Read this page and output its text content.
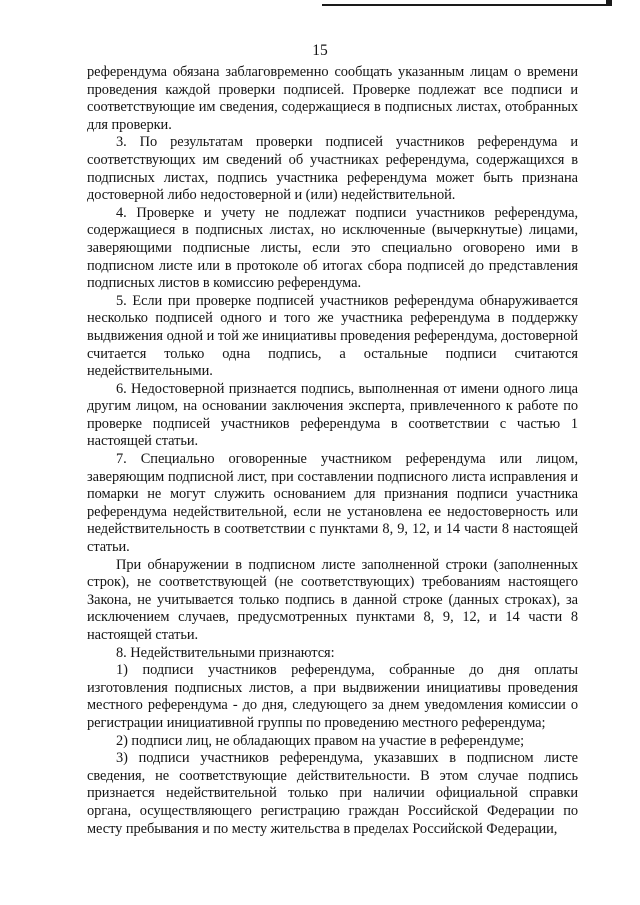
15

референдума обязана заблаговременно сообщать указанным лицам о времени проведения каждой проверки подписей. Проверке подлежат все подписи и соответствующие им сведения, содержащиеся в подписных листах, отобранных для проверки.

3. По результатам проверки подписей участников референдума и соответствующих им сведений об участниках референдума, содержащихся в подписных листах, подпись участника референдума может быть признана достоверной либо недостоверной и (или) недействительной.

4. Проверке и учету не подлежат подписи участников референдума, содержащиеся в подписных листах, но исключенные (вычеркнутые) лицами, заверяющими подписные листы, если это специально оговорено ими в подписном листе или в протоколе об итогах сбора подписей до представления подписных листов в комиссию референдума.

5. Если при проверке подписей участников референдума обнаруживается несколько подписей одного и того же участника референдума в поддержку выдвижения одной и той же инициативы проведения референдума, достоверной считается только одна подпись, а остальные подписи считаются недействительными.

6. Недостоверной признается подпись, выполненная от имени одного лица другим лицом, на основании заключения эксперта, привлеченного к работе по проверке подписей участников референдума в соответствии с частью 1 настоящей статьи.

7. Специально оговоренные участником референдума или лицом, заверяющим подписной лист, при составлении подписного листа исправления и помарки не могут служить основанием для признания подписи участника референдума недействительной, если не установлена ее недостоверность или недействительность в соответствии с пунктами 8, 9, 12, и 14 части 8 настоящей статьи.

При обнаружении в подписном листе заполненной строки (заполненных строк), не соответствующей (не соответствующих) требованиям настоящего Закона, не учитывается только подпись в данной строке (данных строках), за исключением случаев, предусмотренных пунктами 8, 9, 12, и 14 части 8 настоящей статьи.

8. Недействительными признаются:

1) подписи участников референдума, собранные до дня оплаты изготовления подписных листов, а при выдвижении инициативы проведения местного референдума - до дня, следующего за днем уведомления комиссии о регистрации инициативной группы по проведению местного референдума;

2) подписи лиц, не обладающих правом на участие в референдуме;

3) подписи участников референдума, указавших в подписном листе сведения, не соответствующие действительности. В этом случае подпись признается недействительной только при наличии официальной справки органа, осуществляющего регистрацию граждан Российской Федерации по месту пребывания и по месту жительства в пределах Российской Федерации,
